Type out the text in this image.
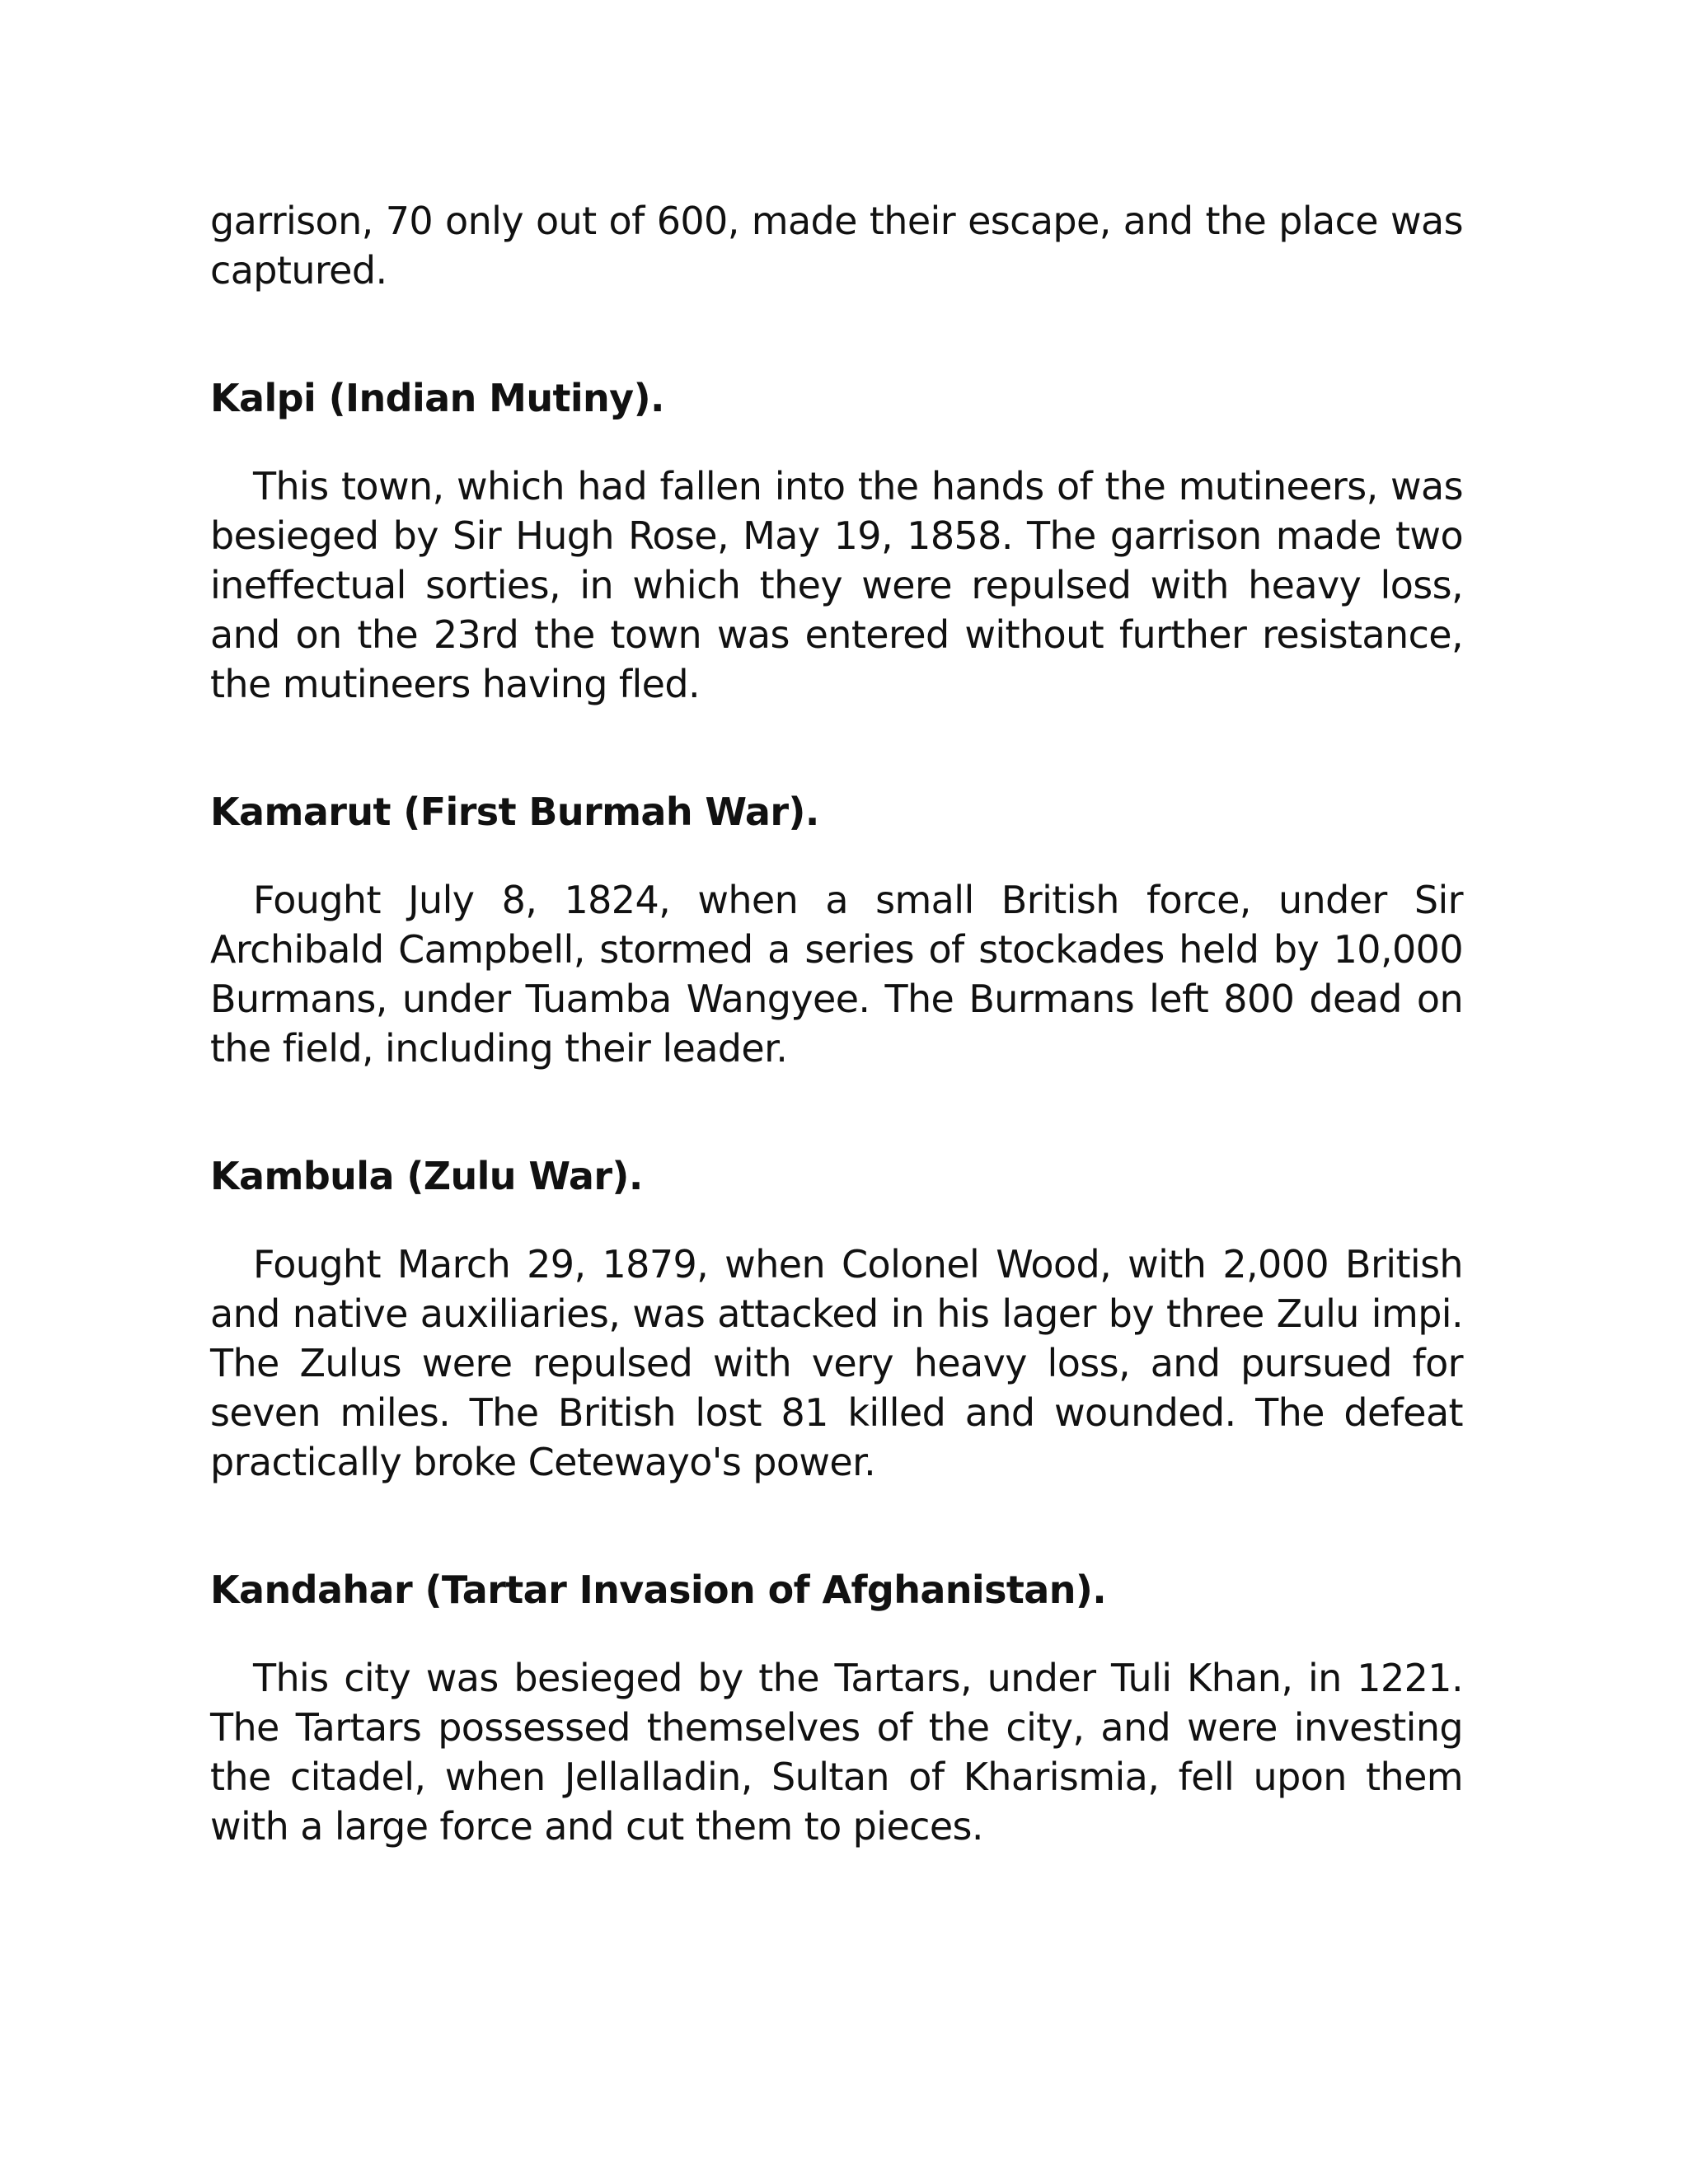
garrison, 70 only out of 600, made their escape, and the place was captured.

Kalpi (Indian Mutiny).

This town, which had fallen into the hands of the mutineers, was besieged by Sir Hugh Rose, May 19, 1858. The garrison made two ineffectual sorties, in which they were repulsed with heavy loss, and on the 23rd the town was entered without further resistance, the mutineers having fled.

Kamarut (First Burmah War).

Fought July 8, 1824, when a small British force, under Sir Archibald Campbell, stormed a series of stockades held by 10,000 Burmans, under Tuamba Wangyee. The Burmans left 800 dead on the field, including their leader.

Kambula (Zulu War).

Fought March 29, 1879, when Colonel Wood, with 2,000 British and native auxiliaries, was attacked in his lager by three Zulu impi. The Zulus were repulsed with very heavy loss, and pursued for seven miles. The British lost 81 killed and wounded. The defeat practically broke Cetewayo's power.

Kandahar (Tartar Invasion of Afghanistan).

This city was besieged by the Tartars, under Tuli Khan, in 1221. The Tartars possessed themselves of the city, and were investing the citadel, when Jellalladin, Sultan of Kharismia, fell upon them with a large force and cut them to pieces.
